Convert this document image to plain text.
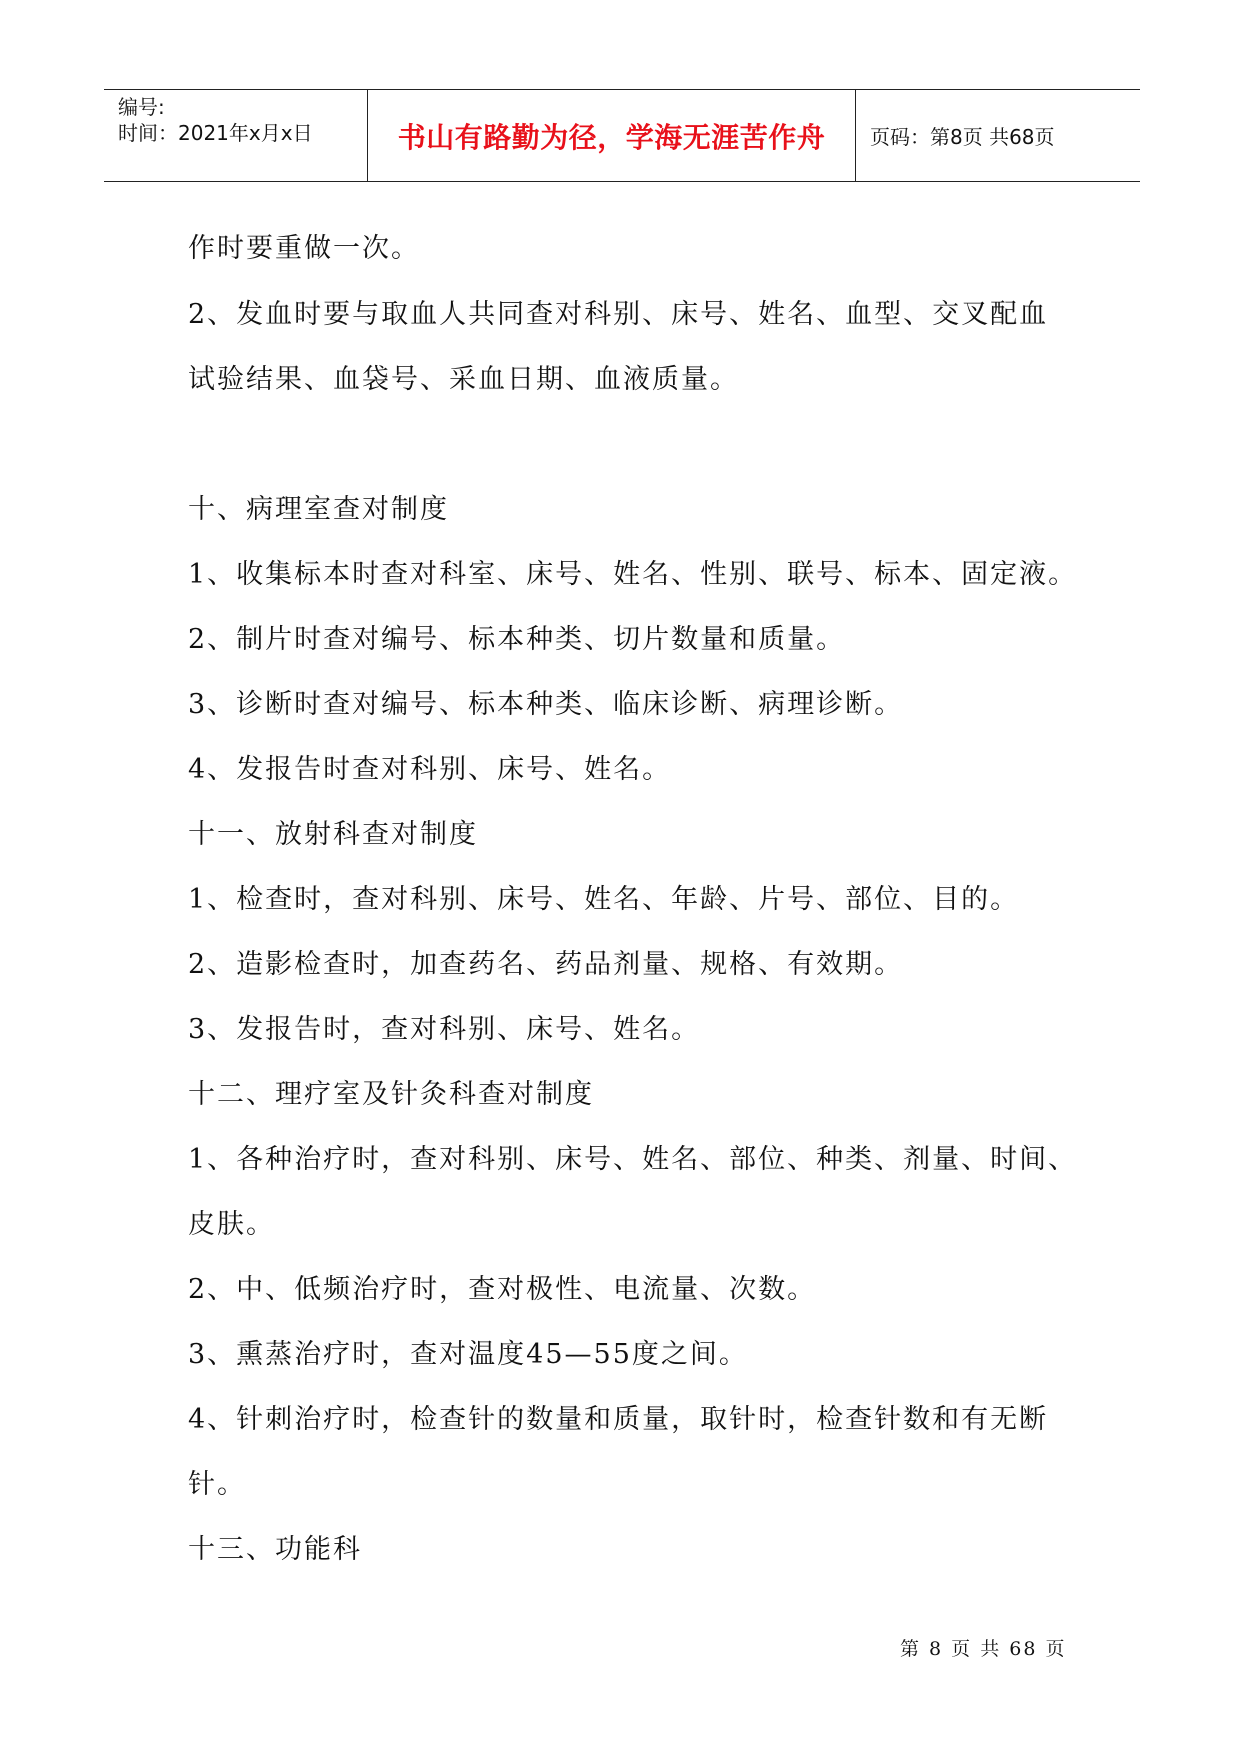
编号:
时间：2021年x月x日	书山有路勤为径，学海无涯苦作舟 页码：第8页 共68页
作时要重做一次。
2、发血时要与取血人共同查对科别、床号、姓名、血型、交叉配血
试验结果、血袋号、采血日期、血液质量。
十、病理室查对制度
1、收集标本时查对科室、床号、姓名、性别、联号、标本、固定液。
2、制片时查对编号、标本种类、切片数量和质量。
3、诊断时查对编号、标本种类、临床诊断、病理诊断。
4、发报告时查对科别、床号、姓名。
十一、放射科查对制度
1、检查时，查对科别、床号、姓名、年龄、片号、部位、目的。
2、造影检查时，加查药名、药品剂量、规格、有效期。
3、发报告时，查对科别、床号、姓名。
十二、理疗室及针灸科查对制度
1、各种治疗时，查对科别、床号、姓名、部位、种类、剂量、时间、
皮肤。
2、中、低频治疗时，查对极性、电流量、次数。
3、熏蒸治疗时，查对温度45—55度之间。
4、针刺治疗时，检查针的数量和质量，取针时，检查针数和有无断
针。
十三、功能科
第 8 页 共 68 页
